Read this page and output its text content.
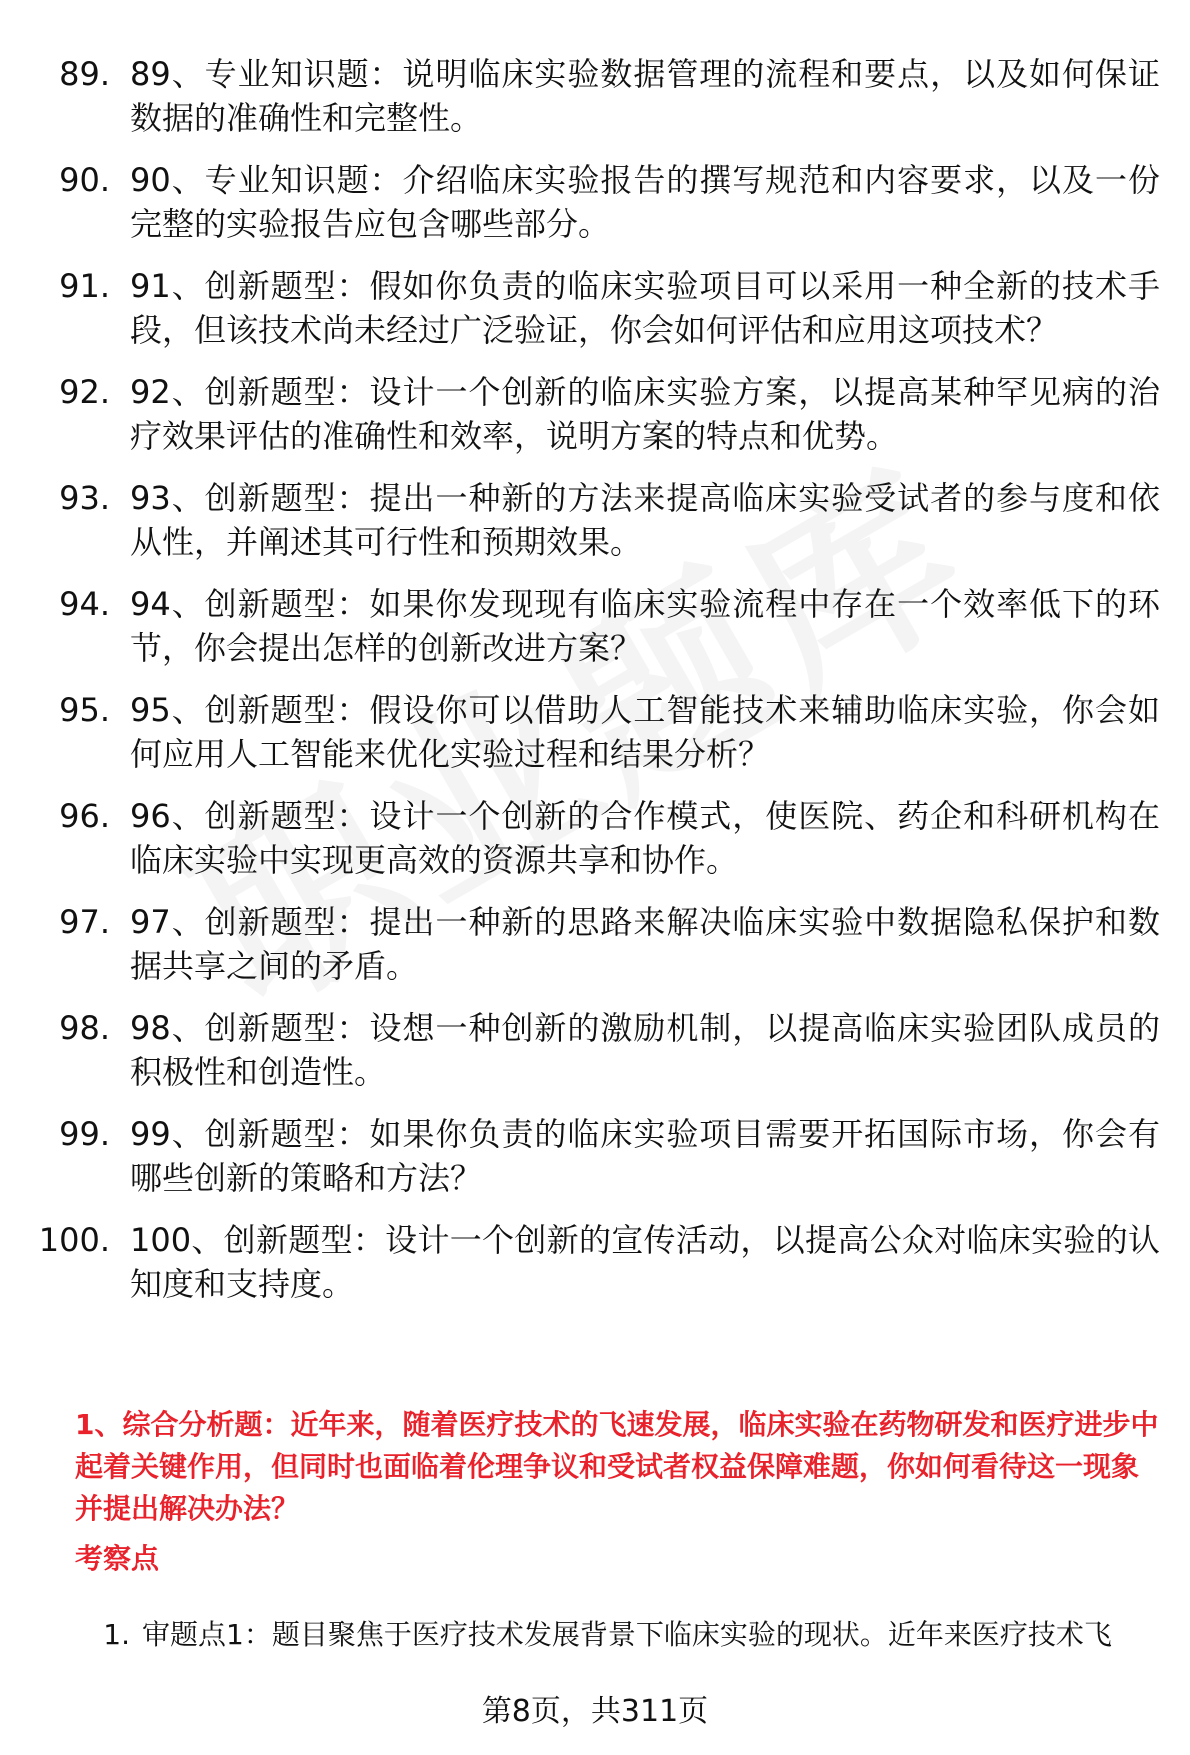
89. 89、专业知识题：说明临床实验数据管理的流程和要点，以及如何保证数据的准确性和完整性。
90. 90、专业知识题：介绍临床实验报告的撰写规范和内容要求，以及一份完整的实验报告应包含哪些部分。
91. 91、创新题型：假如你负责的临床实验项目可以采用一种全新的技术手段，但该技术尚未经过广泛验证，你会如何评估和应用这项技术？
92. 92、创新题型：设计一个创新的临床实验方案，以提高某种罕见病的治疗效果评估的准确性和效率，说明方案的特点和优势。
93. 93、创新题型：提出一种新的方法来提高临床实验受试者的参与度和依从性，并阐述其可行性和预期效果。
94. 94、创新题型：如果你发现现有临床实验流程中存在一个效率低下的环节，你会提出怎样的创新改进方案？
95. 95、创新题型：假设你可以借助人工智能技术来辅助临床实验，你会如何应用人工智能来优化实验过程和结果分析？
96. 96、创新题型：设计一个创新的合作模式，使医院、药企和科研机构在临床实验中实现更高效的资源共享和协作。
97. 97、创新题型：提出一种新的思路来解决临床实验中数据隐私保护和数据共享之间的矛盾。
98. 98、创新题型：设想一种创新的激励机制，以提高临床实验团队成员的积极性和创造性。
99. 99、创新题型：如果你负责的临床实验项目需要开拓国际市场，你会有哪些创新的策略和方法？
100. 100、创新题型：设计一个创新的宣传活动，以提高公众对临床实验的认知度和支持度。
1、综合分析题：近年来，随着医疗技术的飞速发展，临床实验在药物研发和医疗进步中起着关键作用，但同时也面临着伦理争议和受试者权益保障难题，你如何看待这一现象并提出解决办法？
考察点
1. 审题点1：题目聚焦于医疗技术发展背景下临床实验的现状。近年来医疗技术飞
第8页，共311页
